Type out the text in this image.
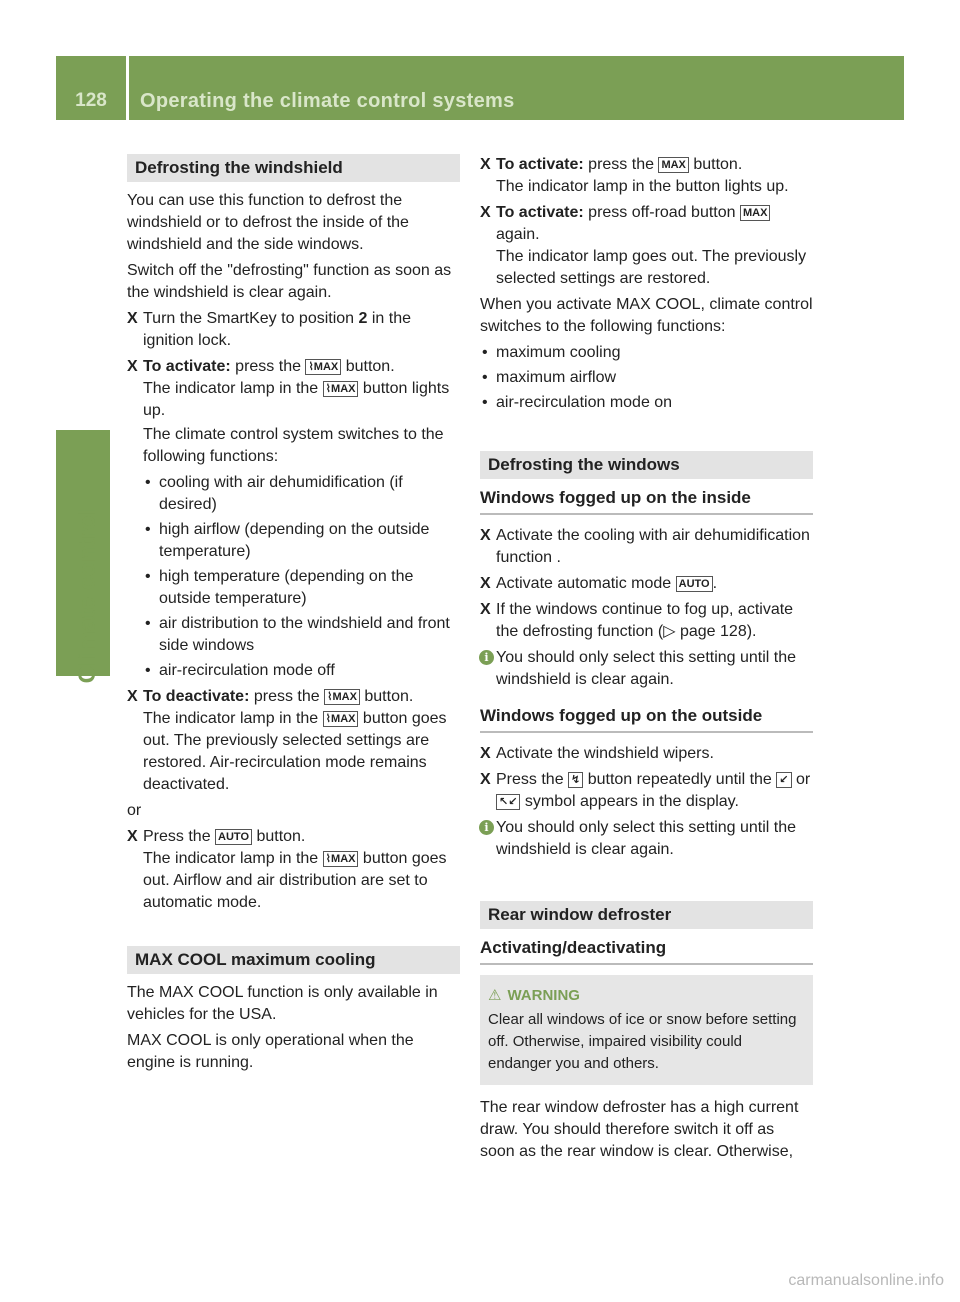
128	Operating the climate control systems
Climate control
Defrosting the windshield

You can use this function to defrost the windshield or to defrost the inside of the windshield and the side windows.

Switch off the "defrosting" function as soon as the windshield is clear again.

X Turn the SmartKey to position 2 in the ignition lock.
X To activate: press the ⌇MAX button.
The indicator lamp in the ⌇MAX button lights up.
The climate control system switches to the following functions:
• cooling with air dehumidification (if desired)
• high airflow (depending on the outside temperature)
• high temperature (depending on the outside temperature)
• air distribution to the windshield and front side windows
• air-recirculation mode off
X To deactivate: press the ⌇MAX button.
The indicator lamp in the ⌇MAX button goes out. The previously selected settings are restored. Air-recirculation mode remains deactivated.

or

X Press the AUTO button.
The indicator lamp in the ⌇MAX button goes out. Airflow and air distribution are set to automatic mode.
MAX COOL maximum cooling

The MAX COOL function is only available in vehicles for the USA.

MAX COOL is only operational when the engine is running.

X To activate: press the MAX button.
The indicator lamp in the button lights up.
X To activate: press off-road button MAX again.
The indicator lamp goes out. The previously selected settings are restored.

When you activate MAX COOL, climate control switches to the following functions:

• maximum cooling
• maximum airflow
• air-recirculation mode on
Defrosting the windows
Windows fogged up on the inside
X Activate the cooling with air dehumidification function .
X Activate automatic mode AUTO .
X If the windows continue to fog up, activate the defrosting function (▷ page 128).
i You should only select this setting until the windshield is clear again.
Windows fogged up on the outside
X Activate the windshield wipers.
X Press the ↯ button repeatedly until the ↙ or ↖↙ symbol appears in the display.
i You should only select this setting until the windshield is clear again.
Rear window defroster
Activating/deactivating
⚠ WARNING
Clear all windows of ice or snow before setting off. Otherwise, impaired visibility could endanger you and others.

The rear window defroster has a high current draw. You should therefore switch it off as soon as the rear window is clear. Otherwise,

carmanualsonline.info
